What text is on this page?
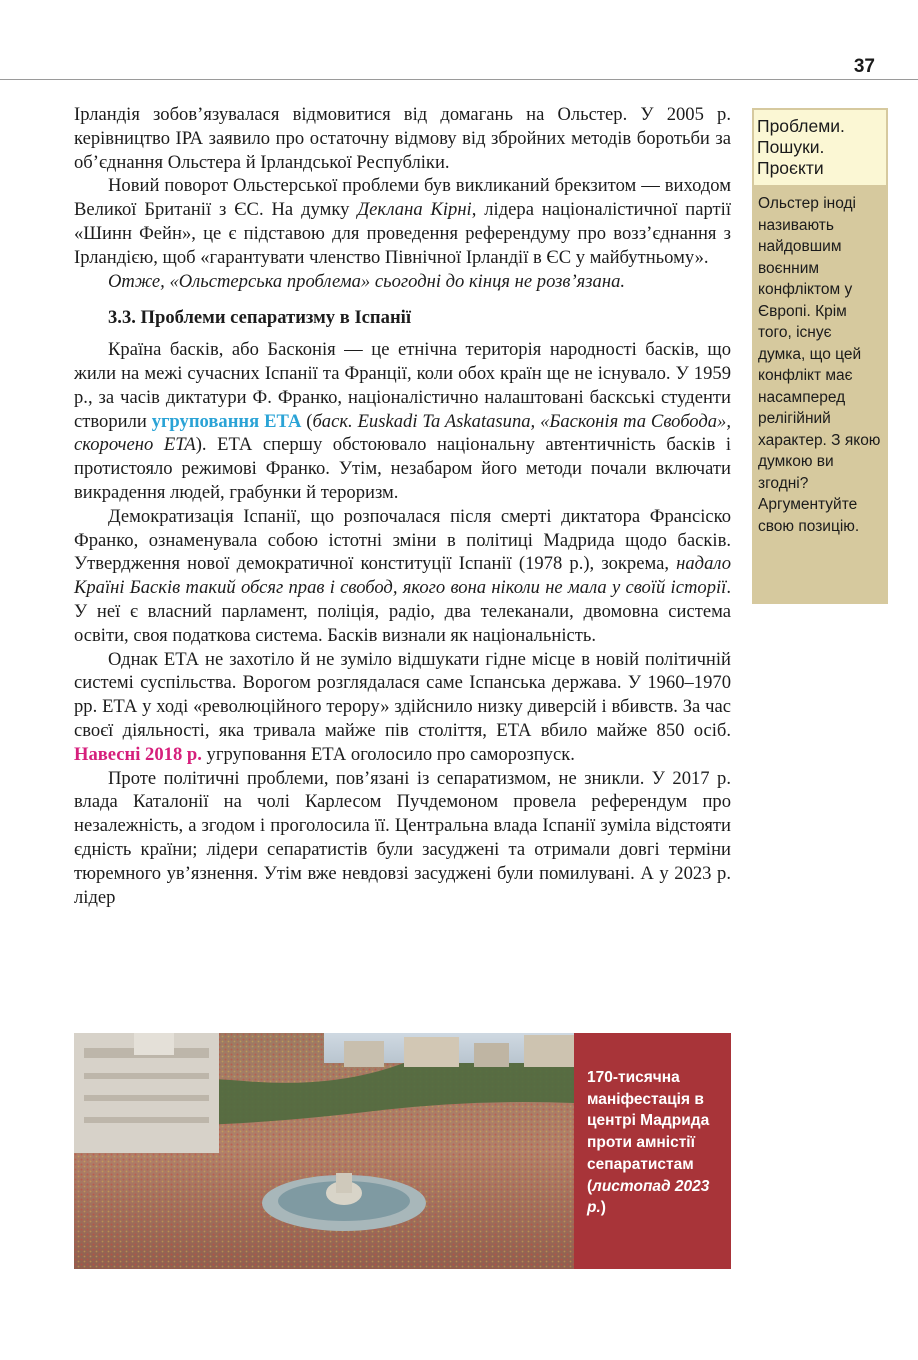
37

Ірландія зобов’язувалася відмовитися від домагань на Ольстер. У 2005 р. керівництво ІРА заявило про остаточну відмову від збройних методів боротьби за об’єднання Ольстера й Ірландської Республіки.

Новий поворот Ольстерської проблеми був викликаний брекзитом — виходом Великої Британії з ЄС. На думку Деклана Кірні, лідера націоналістичної партії «Шинн Фейн», це є підставою для проведення референдуму про возз’єднання з Ірландією, щоб «гарантувати членство Північної Ірландії в ЄС у майбутньому».

Отже, «Ольстерська проблема» сьогодні до кінця не розв’язана.

3.3. Проблеми сепаратизму в Іспанії

Країна басків, або Басконія — це етнічна територія народності басків, що жили на межі сучасних Іспанії та Франції, коли обох країн ще не існувало. У 1959 р., за часів диктатури Ф. Франко, націоналістично налаштовані баскські студенти створили угруповання ЕТА (баск. Euskadi Ta Askatasuna, «Басконія та Свобода», скорочено ЕТА). ЕТА спершу обстоювало національну автентичність басків і протистояло режимові Франко. Утім, незабаром його методи почали включати викрадення людей, грабунки й тероризм.

Демократизація Іспанії, що розпочалася після смерті диктатора Франсіско Франко, ознаменувала собою істотні зміни в політиці Мадрида щодо басків. Утвердження нової демократичної конституції Іспанії (1978 р.), зокрема, надало Країні Басків такий обсяг прав і свобод, якого вона ніколи не мала у своїй історії. У неї є власний парламент, поліція, радіо, два телеканали, двомовна система освіти, своя податкова система. Басків визнали як національність.

Однак ЕТА не захотіло й не зуміло відшукати гідне місце в новій політичній системі суспільства. Ворогом розглядалася саме Іспанська держава. У 1960–1970 рр. ЕТА у ході «революційного терору» здійснило низку диверсій і вбивств. За час своєї діяльності, яка тривала майже пів століття, ЕТА вбило майже 850 осіб. Навесні 2018 р. угруповання ЕТА оголосило про саморозпуск.

Проте політичні проблеми, пов’язані із сепаратизмом, не зникли. У 2017 р. влада Каталонії на чолі Карлесом Пучдемоном провела референдум про незалежність, а згодом і проголосила її. Центральна влада Іспанії зуміла відстояти єдність країни; лідери сепаратистів були засуджені та отримали довгі терміни тюремного ув’язнення. Утім вже невдовзі засуджені були помилувані. А у 2023 р. лідер

Проблеми.
Пошуки.
Проєкти
Ольстер іноді називають найдовшим воєнним конфліктом у Європі. Крім того, існує думка, що цей конфлікт має насамперед релігійний характер. З якою думкою ви згодні? Аргументуйте свою позицію.
170-тисячна маніфестація в центрі Мадрида проти амністії сепаратистам (листопад 2023 р.)
